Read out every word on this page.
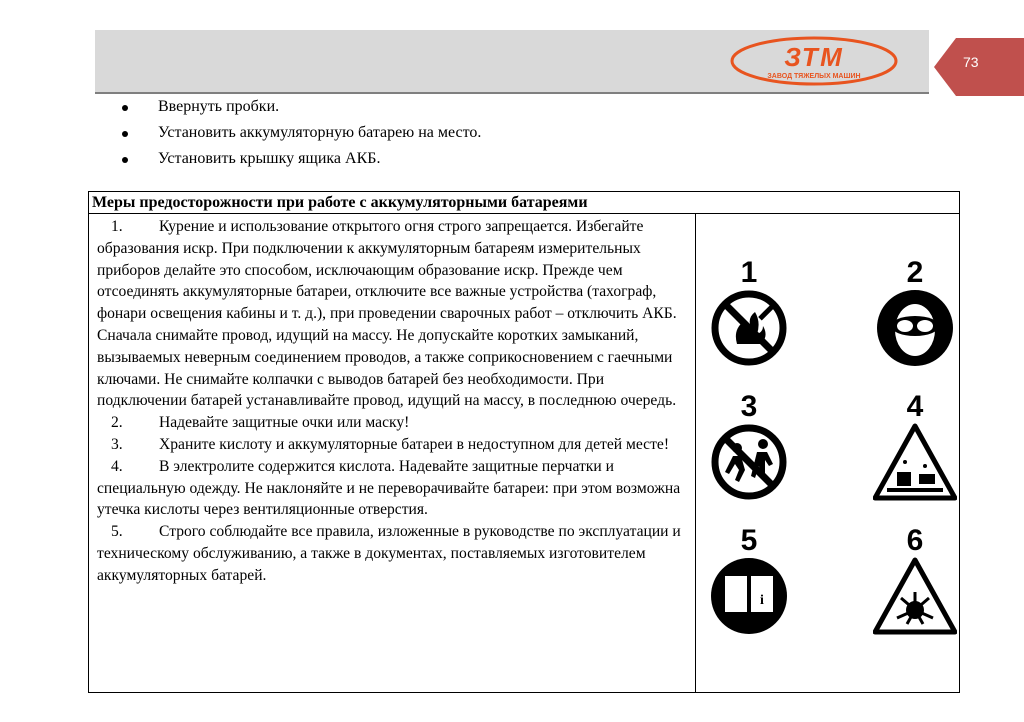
ЗТМ
ЗАВОД ТЯЖЕЛЫХ МАШИН
73
Ввернуть пробки.
Установить аккумуляторную батарею на место.
Установить крышку ящика АКБ.
Меры предосторожности при работе с аккумуляторными батареями

1. Курение и использование открытого огня строго запрещается. Избегайте образования искр. При подключении к аккумуляторным батареям измерительных приборов делайте это способом, исключающим образование искр. Прежде чем отсоединять аккумуляторные батареи, отключите все важные устройства (тахограф, фонари освещения кабины и т. д.), при проведении сварочных работ – отключить АКБ. Сначала снимайте провод, идущий на массу. Не допускайте коротких замыканий, вызываемых неверным соединением проводов, а также соприкосновением с гаечными ключами. Не снимайте колпачки с выводов батарей без необходимости. При подключении батарей устанавливайте провод, идущий на массу, в последнюю очередь.

2. Надевайте защитные очки или маску!

3. Храните кислоту и аккумуляторные батареи в недоступном для детей месте!

4. В электролите содержится кислота. Надевайте защитные перчатки и специальную одежду. Не наклоняйте и не переворачивайте батареи: при этом возможна утечка кислоты через вентиляционные отверстия.

5. Строго соблюдайте все правила, изложенные в руководстве по эксплуатации и техническому обслуживанию, а также в документах, поставляемых изготовителем аккумуляторных батарей.

1	2
3	4
5
i
6
